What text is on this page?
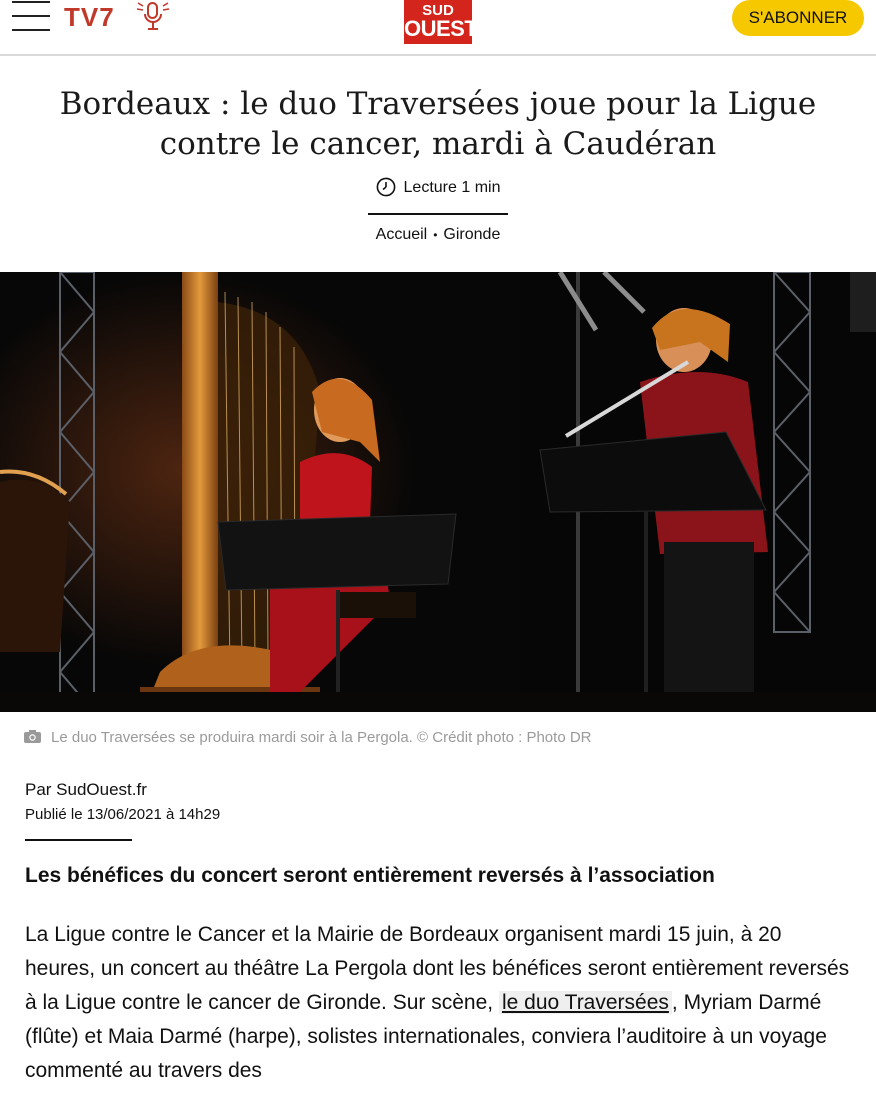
TV7	SUD
OUEST	S'ABONNER
Bordeaux : le duo Traversées joue pour la Ligue contre le cancer, mardi à Caudéran
Lecture 1 min
Accueil • Gironde
Le duo Traversées se produira mardi soir à la Pergola. © Crédit photo : Photo DR
Par SudOuest.fr
Publié le 13/06/2021 à 14h29

Les bénéfices du concert seront entièrement reversés à l’association

La Ligue contre le Cancer et la Mairie de Bordeaux organisent mardi 15 juin, à 20 heures, un concert au théâtre La Pergola dont les bénéfices seront entièrement reversés à la Ligue contre le cancer de Gironde. Sur scène, le duo Traversées , Myriam Darmé (flûte) et Maia Darmé (harpe), solistes internationales, conviera l’auditoire à un voyage commenté au travers des
